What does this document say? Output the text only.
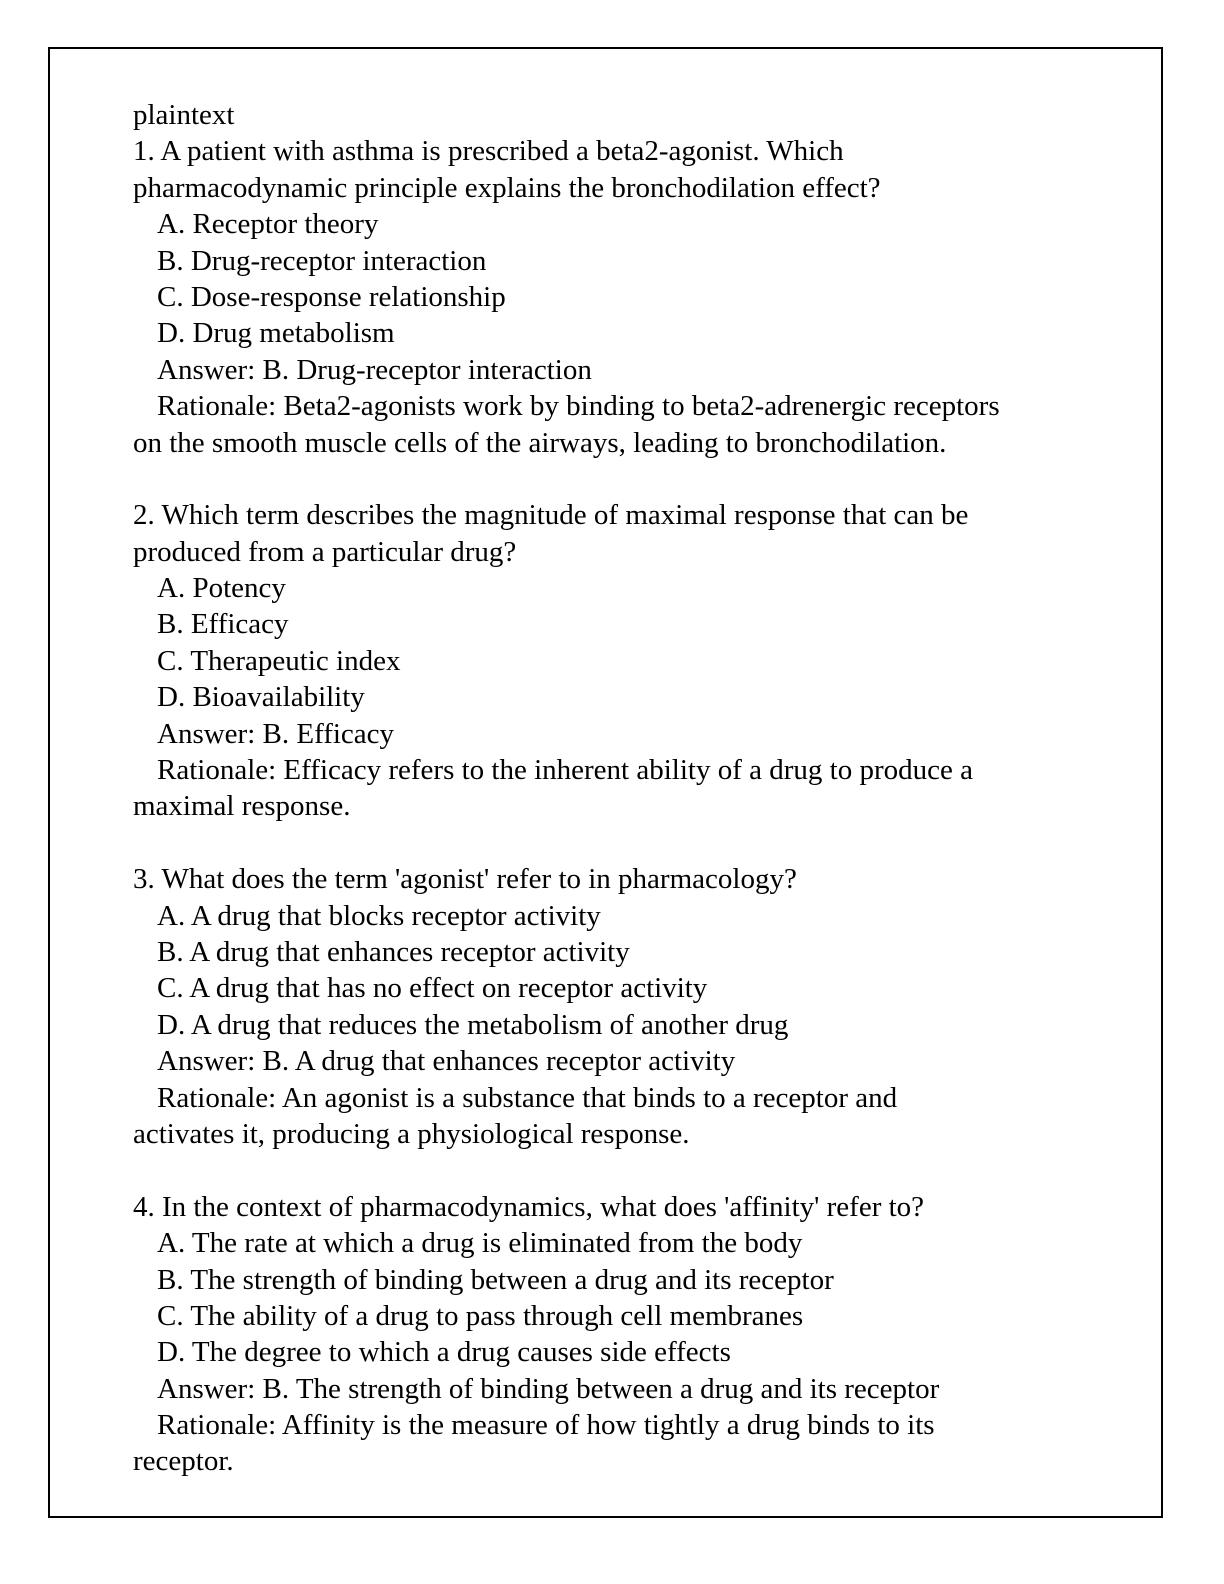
plaintext
1. A patient with asthma is prescribed a beta2-agonist. Which
pharmacodynamic principle explains the bronchodilation effect?
A. Receptor theory
B. Drug-receptor interaction
C. Dose-response relationship
D. Drug metabolism
Answer: B. Drug-receptor interaction
Rationale: Beta2-agonists work by binding to beta2-adrenergic receptors
on the smooth muscle cells of the airways, leading to bronchodilation.
2. Which term describes the magnitude of maximal response that can be
produced from a particular drug?
A. Potency
B. Efficacy
C. Therapeutic index
D. Bioavailability
Answer: B. Efficacy
Rationale: Efficacy refers to the inherent ability of a drug to produce a
maximal response.
3. What does the term 'agonist' refer to in pharmacology?
A. A drug that blocks receptor activity
B. A drug that enhances receptor activity
C. A drug that has no effect on receptor activity
D. A drug that reduces the metabolism of another drug
Answer: B. A drug that enhances receptor activity
Rationale: An agonist is a substance that binds to a receptor and
activates it, producing a physiological response.
4. In the context of pharmacodynamics, what does 'affinity' refer to?
A. The rate at which a drug is eliminated from the body
B. The strength of binding between a drug and its receptor
C. The ability of a drug to pass through cell membranes
D. The degree to which a drug causes side effects
Answer: B. The strength of binding between a drug and its receptor
Rationale: Affinity is the measure of how tightly a drug binds to its
receptor.
